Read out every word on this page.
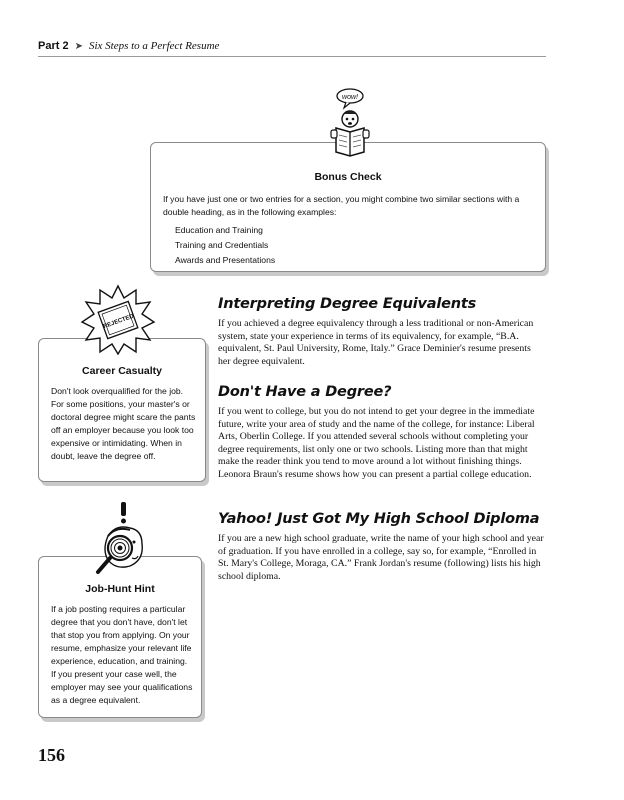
Part 2 ➤ Six Steps to a Perfect Resume
Bonus Check
If you have just one or two entries for a section, you might combine two similar sections with a double heading, as in the following examples:
Education and Training
Training and Credentials
Awards and Presentations
wow!
Career Casualty
Don't look overqualified for the job. For some positions, your master's or doctoral degree might scare the pants off an employer because you look too expensive or intimidating. When in doubt, leave the degree off.
REJECTED
Job-Hunt Hint
If a job posting requires a particular degree that you don't have, don't let that stop you from applying. On your resume, emphasize your relevant life experience, education, and training. If you present your case well, the employer may see your qualifications as a degree equivalent.
Interpreting Degree Equivalents

If you achieved a degree equivalency through a less traditional or non-American system, state your experience in terms of its equivalency, for example, “B.A. equivalent, St. Paul University, Rome, Italy.” Grace Deminier's resume presents her degree equivalent.

Don't Have a Degree?

If you went to college, but you do not intend to get your degree in the immediate future, write your area of study and the name of the college, for instance: Liberal Arts, Oberlin College. If you attended several schools without completing your degree requirements, list only one or two schools. Listing more than that might make the reader think you tend to move around a lot without finishing things. Leonora Braun's resume shows how you can present a partial college education.

Yahoo! Just Got My High School Diploma

If you are a new high school graduate, write the name of your high school and year of graduation. If you have enrolled in a college, say so, for example, “Enrolled in St. Mary's College, Moraga, CA.” Frank Jordan's resume (following) lists his high school diploma.

156
